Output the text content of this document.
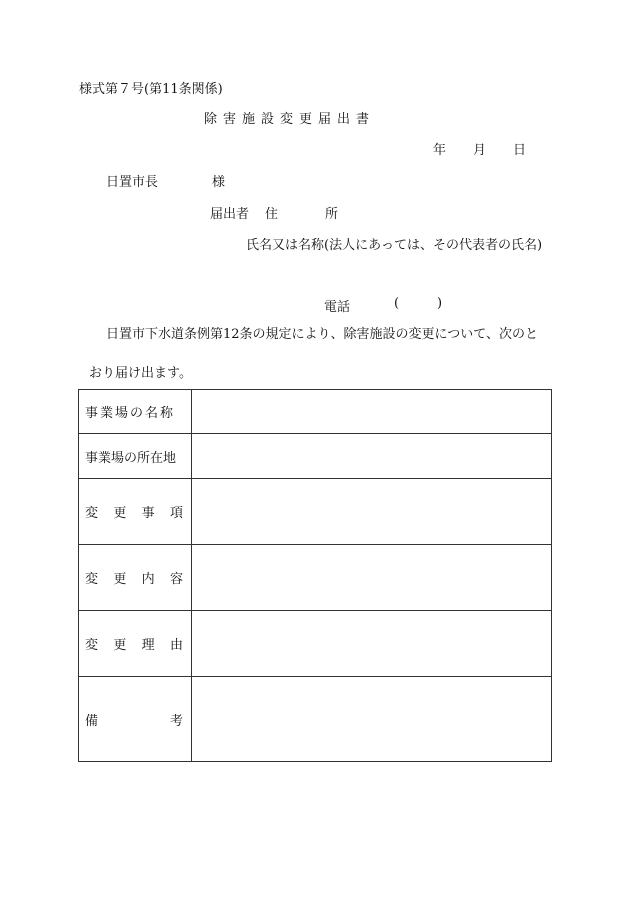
様式第７号(第11条関係)
除害施設変更届出書
年 月 日
日置市長	様
届出者 住	所
氏名又は名称(法人にあっては、その代表者の氏名)
電話	(	)
日置市下水道条例第12条の規定により、除害施設の変更について、次のと
おり届け出ます。
事業場の名称	

事業場の所在地	

変 更 事 項	

変 更 内 容	

変 更 理 由	

備 考	
